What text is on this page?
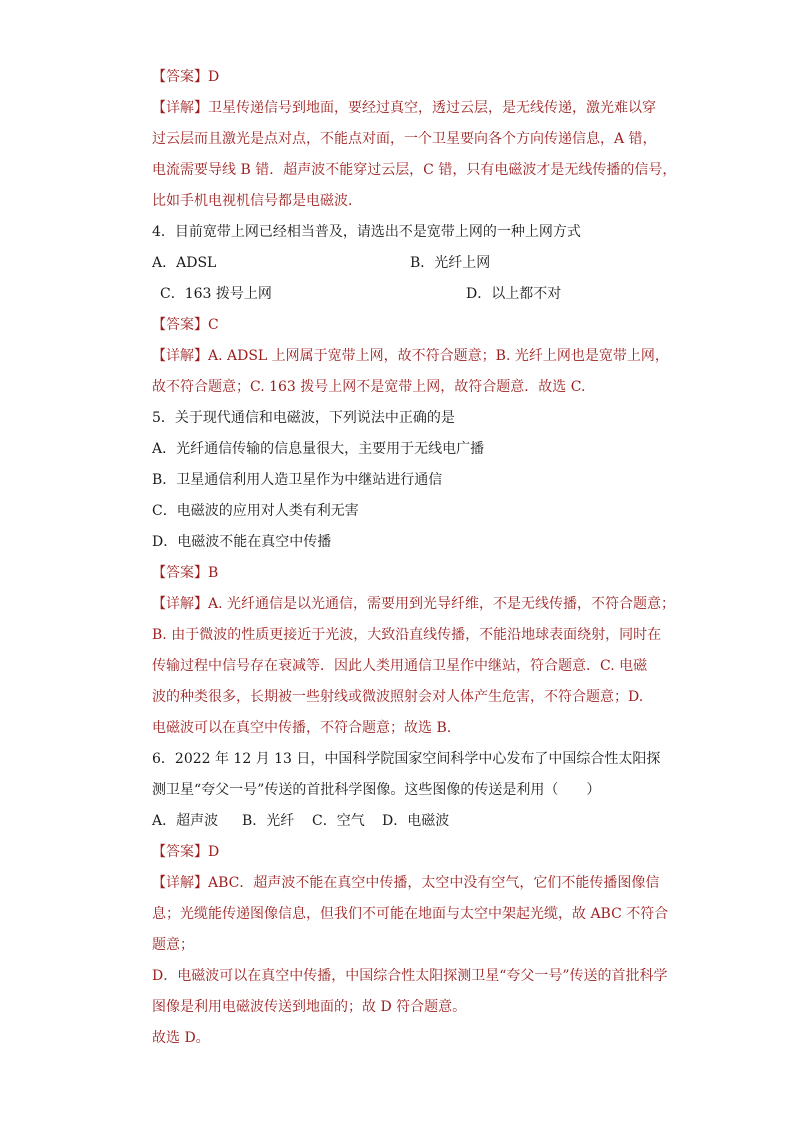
【答案】D
【详解】卫星传递信号到地面，要经过真空，透过云层，是无线传递，激光难以穿
过云层而且激光是点对点，不能点对面，一个卫星要向各个方向传递信息，A 错，
电流需要导线 B 错．超声波不能穿过云层，C 错，只有电磁波才是无线传播的信号，
比如手机电视机信号都是电磁波．
4．目前宽带上网已经相当普及，请选出不是宽带上网的一种上网方式
A．ADSL	B．光纤上网
C．163 拨号上网	D．以上都不对
【答案】C
【详解】A. ADSL 上网属于宽带上网，故不符合题意；B. 光纤上网也是宽带上网，
故不符合题意；C. 163 拨号上网不是宽带上网，故符合题意．故选 C.
5．关于现代通信和电磁波，下列说法中正确的是
A．光纤通信传输的信息量很大，主要用于无线电广播
B．卫星通信利用人造卫星作为中继站进行通信
C．电磁波的应用对人类有利无害
D．电磁波不能在真空中传播
【答案】B
【详解】A. 光纤通信是以光通信，需要用到光导纤维，不是无线传播，不符合题意；
B. 由于微波的性质更接近于光波，大致沿直线传播，不能沿地球表面绕射，同时在
传输过程中信号存在衰减等．因此人类用通信卫星作中继站，符合题意．C. 电磁
波的种类很多，长期被一些射线或微波照射会对人体产生危害，不符合题意；D.
电磁波可以在真空中传播，不符合题意；故选 B.
6．2022 年 12 月 13 日，中国科学院国家空间科学中心发布了中国综合性太阳探
测卫星“夸父一号”传送的首批科学图像。这些图像的传送是利用（　　）
A．超声波 B．光纤 C．空气 D．电磁波
【答案】D
【详解】ABC．超声波不能在真空中传播，太空中没有空气，它们不能传播图像信
息；光缆能传递图像信息，但我们不可能在地面与太空中架起光缆，故 ABC 不符合
题意；
D．电磁波可以在真空中传播，中国综合性太阳探测卫星“夸父一号”传送的首批科学
图像是利用电磁波传送到地面的；故 D 符合题意。
故选 D。
